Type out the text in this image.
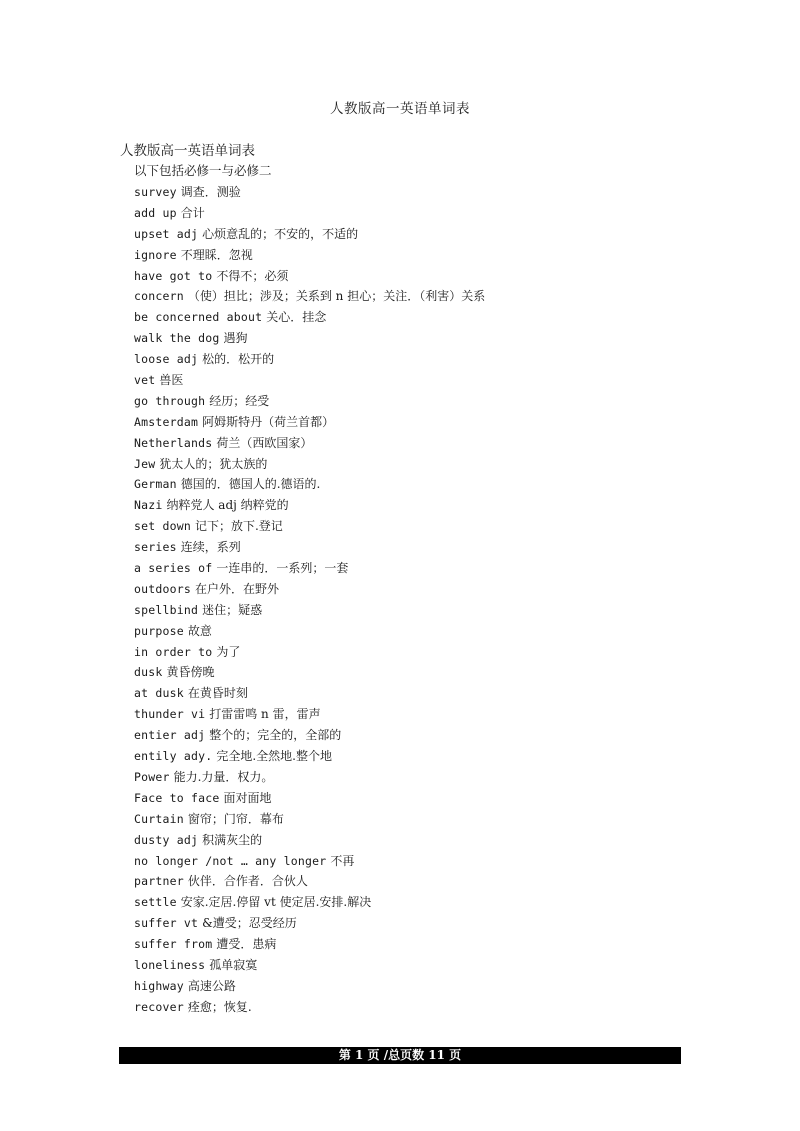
人教版高一英语单词表
人教版高一英语单词表
以下包括必修一与必修二
survey 调查．测验
add up 合计
upset adj 心烦意乱的；不安的，不适的
ignore 不理睬．忽视
have got to 不得不；必须
concern （使）担比；涉及；关系到 n 担心；关注．（利害）关系
be concerned about 关心．挂念
walk the dog 遇狗
loose adj 松的．松开的
vet 兽医
go through 经历；经受
Amsterdam 阿姆斯特丹（荷兰首都）
Netherlands 荷兰（西欧国家）
Jew 犹太人的；犹太族的
German 德国的．德国人的.德语的.
Nazi 纳粹党人 adj 纳粹党的
set down 记下；放下.登记
series 连续，系列
a series of 一连串的．一系列；一套
outdoors 在户外．在野外
spellbind 迷住；疑惑
purpose 故意
in order to 为了
dusk 黄昏傍晚
at dusk 在黄昏时刻
thunder vi 打雷雷鸣 n 雷，雷声
entier adj 整个的；完全的，全部的
entily ady. 完全地.全然地.整个地
Power 能力.力量．权力。
Face to face 面对面地
Curtain 窗帘；门帘．幕布
dusty adj 积满灰尘的
no longer /not … any longer 不再
partner 伙伴．合作者．合伙人
settle 安家.定居.停留 vt 使定居.安排.解决
suffer vt &遭受；忍受经历
suffer from 遭受．患病
loneliness 孤单寂寞
highway 高速公路
recover 痊愈；恢复.
第 1 页 /总页数 11 页
